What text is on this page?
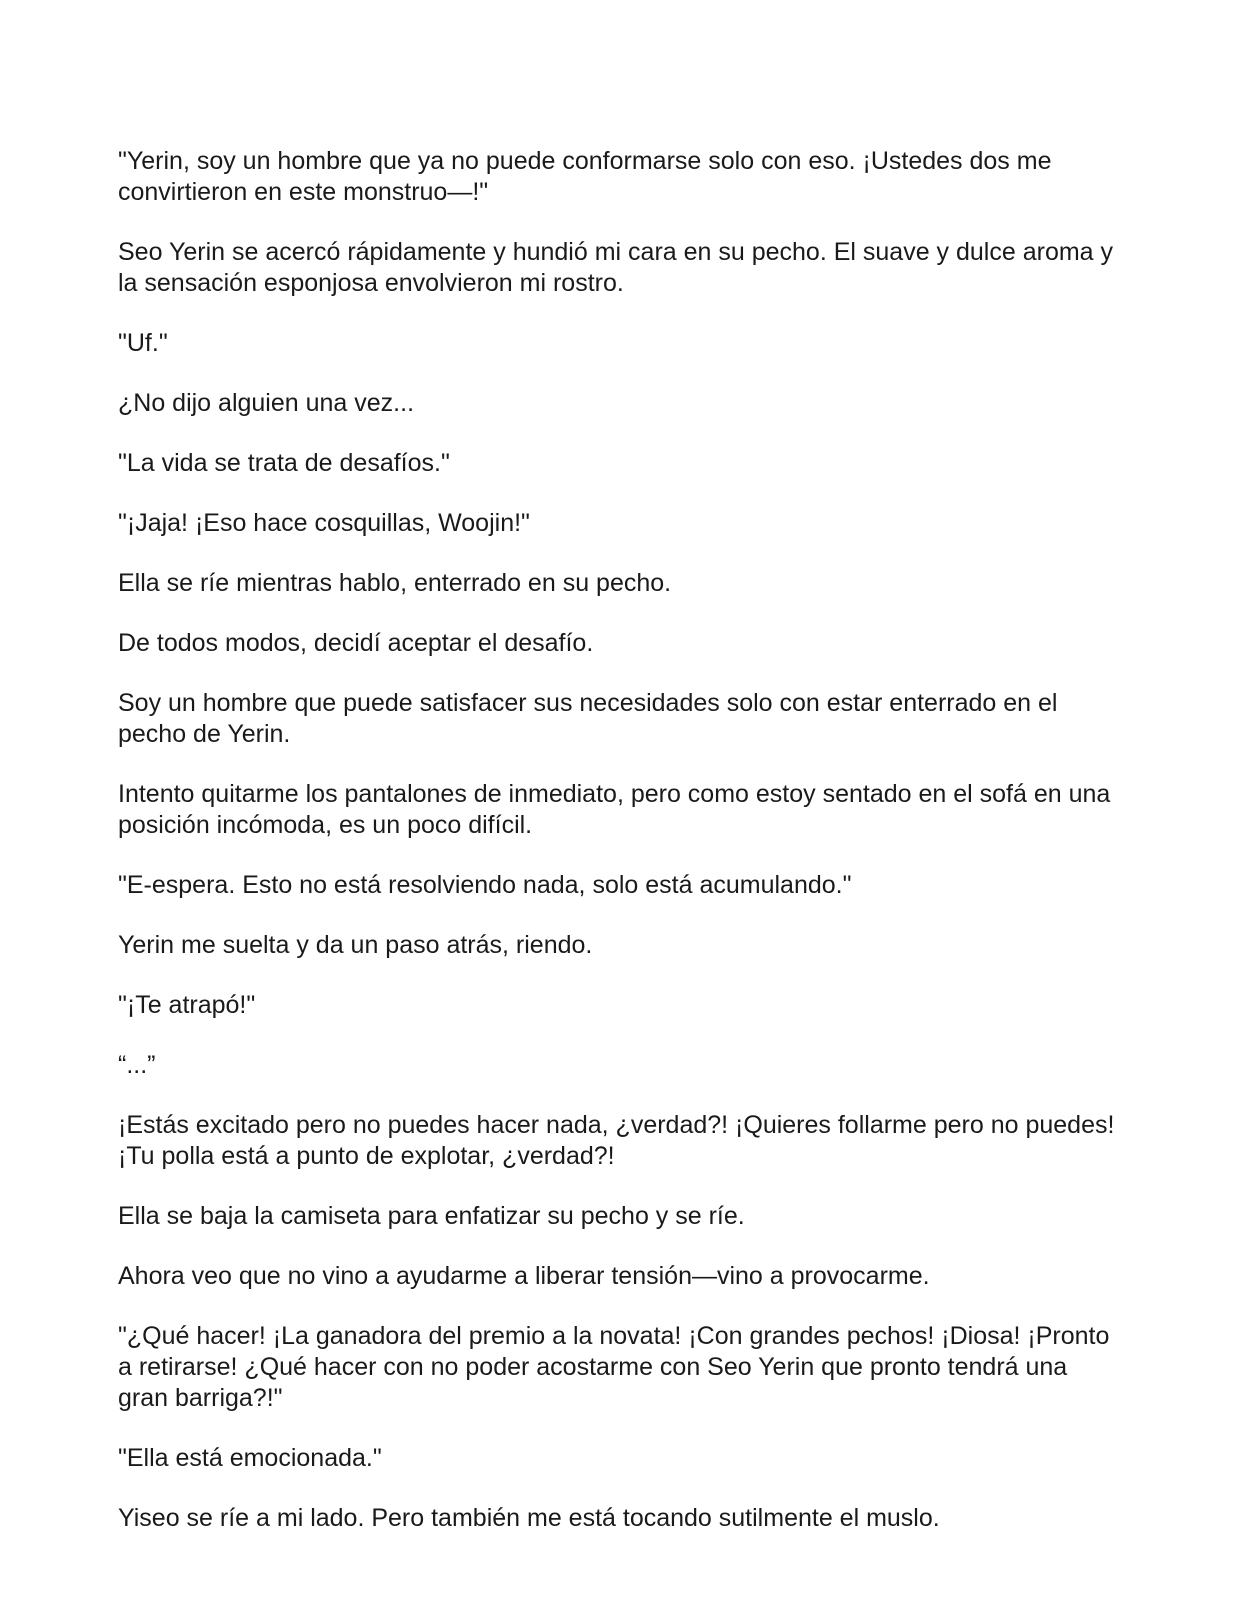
"Yerin, soy un hombre que ya no puede conformarse solo con eso. ¡Ustedes dos me convirtieron en este monstruo—!"

Seo Yerin se acercó rápidamente y hundió mi cara en su pecho. El suave y dulce aroma y la sensación esponjosa envolvieron mi rostro.

"Uf."

¿No dijo alguien una vez...

"La vida se trata de desafíos."

"¡Jaja! ¡Eso hace cosquillas, Woojin!"

Ella se ríe mientras hablo, enterrado en su pecho.

De todos modos, decidí aceptar el desafío.

Soy un hombre que puede satisfacer sus necesidades solo con estar enterrado en el pecho de Yerin.

Intento quitarme los pantalones de inmediato, pero como estoy sentado en el sofá en una posición incómoda, es un poco difícil.

"E-espera. Esto no está resolviendo nada, solo está acumulando."

Yerin me suelta y da un paso atrás, riendo.

"¡Te atrapó!"

“...”

¡Estás excitado pero no puedes hacer nada, ¿verdad?! ¡Quieres follarme pero no puedes! ¡Tu polla está a punto de explotar, ¿verdad?!

Ella se baja la camiseta para enfatizar su pecho y se ríe.

Ahora veo que no vino a ayudarme a liberar tensión—vino a provocarme.

"¿Qué hacer! ¡La ganadora del premio a la novata! ¡Con grandes pechos! ¡Diosa! ¡Pronto a retirarse! ¿Qué hacer con no poder acostarme con Seo Yerin que pronto tendrá una gran barriga?!"

"Ella está emocionada."

Yiseo se ríe a mi lado. Pero también me está tocando sutilmente el muslo.
